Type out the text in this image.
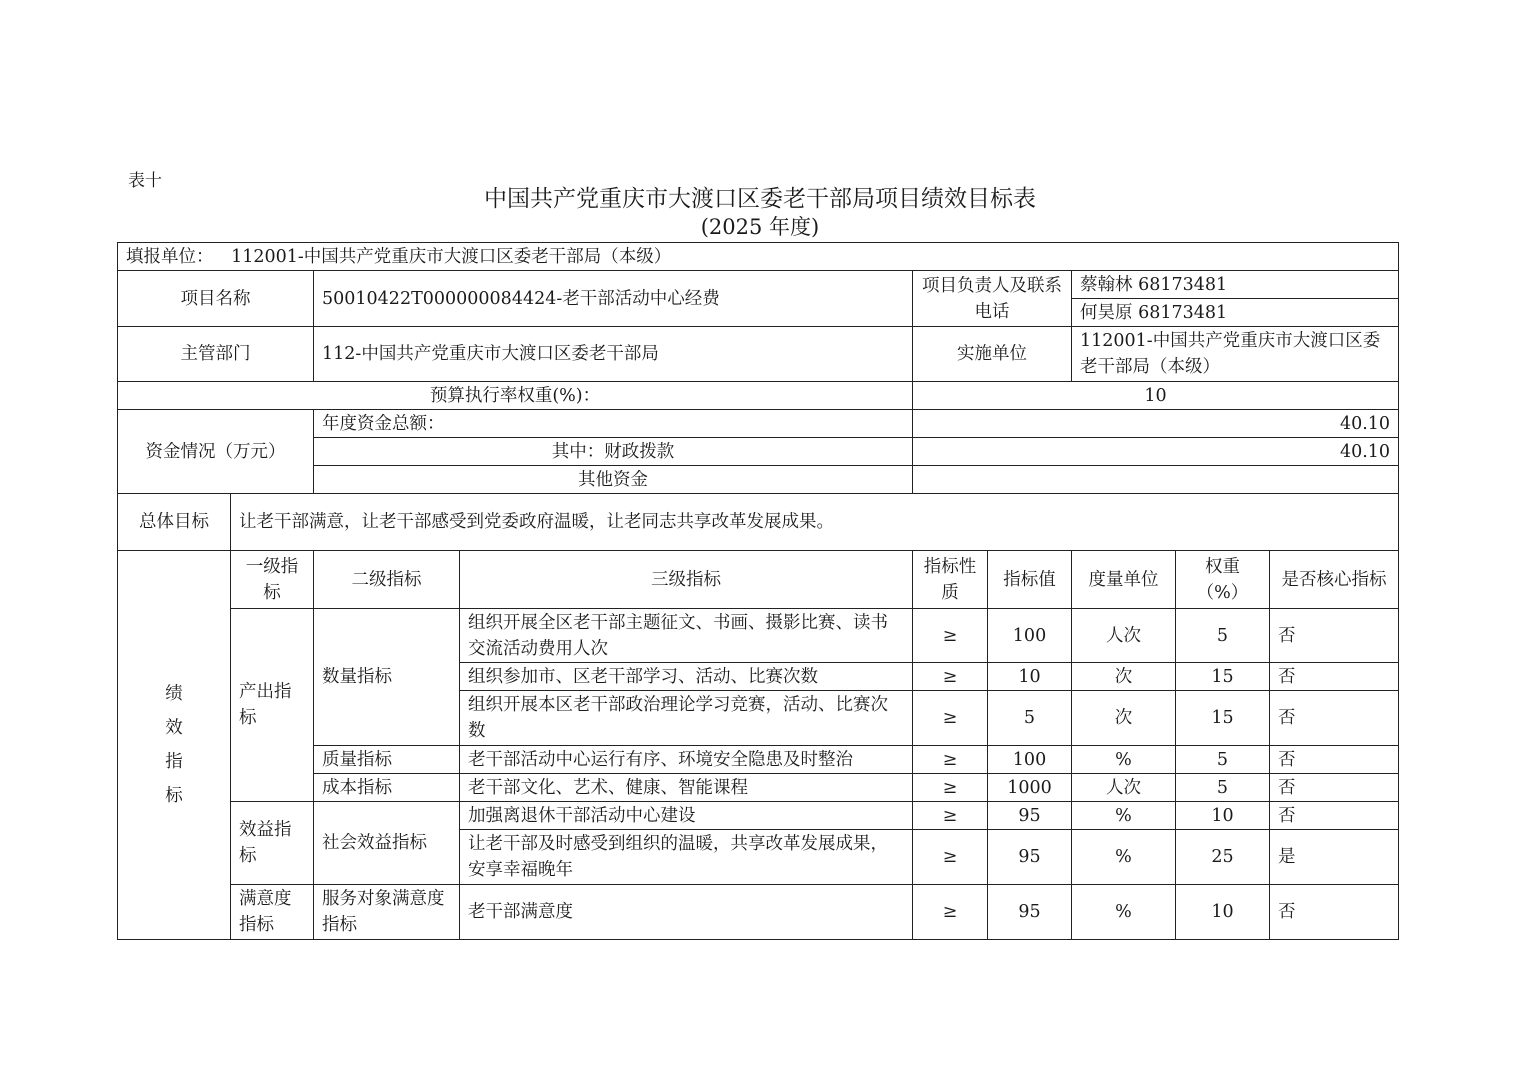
表十
中国共产党重庆市大渡口区委老干部局项目绩效目标表
(2025 年度)
填报单位： 112001-中国共产党重庆市大渡口区委老干部局（本级）								
项目名称		50010422T000000084424-老干部活动中心经费		项目负责人及联系电话		蔡翰林 68173481		
						何昊原 68173481		
主管部门		112-中国共产党重庆市大渡口区委老干部局		实施单位		112001-中国共产党重庆市大渡口区委老干部局（本级）		
预算执行率权重(%)：				10				
资金情况（万元）		年度资金总额：		40.10				
		其中：财政拨款		40.10				
		其他资金						
总体目标	让老干部满意，让老干部感受到党委政府温暖，让老同志共享改革发展成果。							
绩效指标	一级指标	二级指标	三级指标	指标性质	指标值	度量单位	权重（%）	是否核心指标
	产出指标	数量指标	组织开展全区老干部主题征文、书画、摄影比赛、读书交流活动费用人次	≥	100	人次	5	否
			组织参加市、区老干部学习、活动、比赛次数	≥	10	次	15	否
			组织开展本区老干部政治理论学习竞赛，活动、比赛次数	≥	5	次	15	否
		质量指标	老干部活动中心运行有序、环境安全隐患及时整治	≥	100	%	5	否
		成本指标	老干部文化、艺术、健康、智能课程	≥	1000	人次	5	否
	效益指标	社会效益指标	加强离退休干部活动中心建设	≥	95	%	10	否
			让老干部及时感受到组织的温暖，共享改革发展成果，安享幸福晚年	≥	95	%	25	是
	满意度指标	服务对象满意度指标	老干部满意度	≥	95	%	10	否
